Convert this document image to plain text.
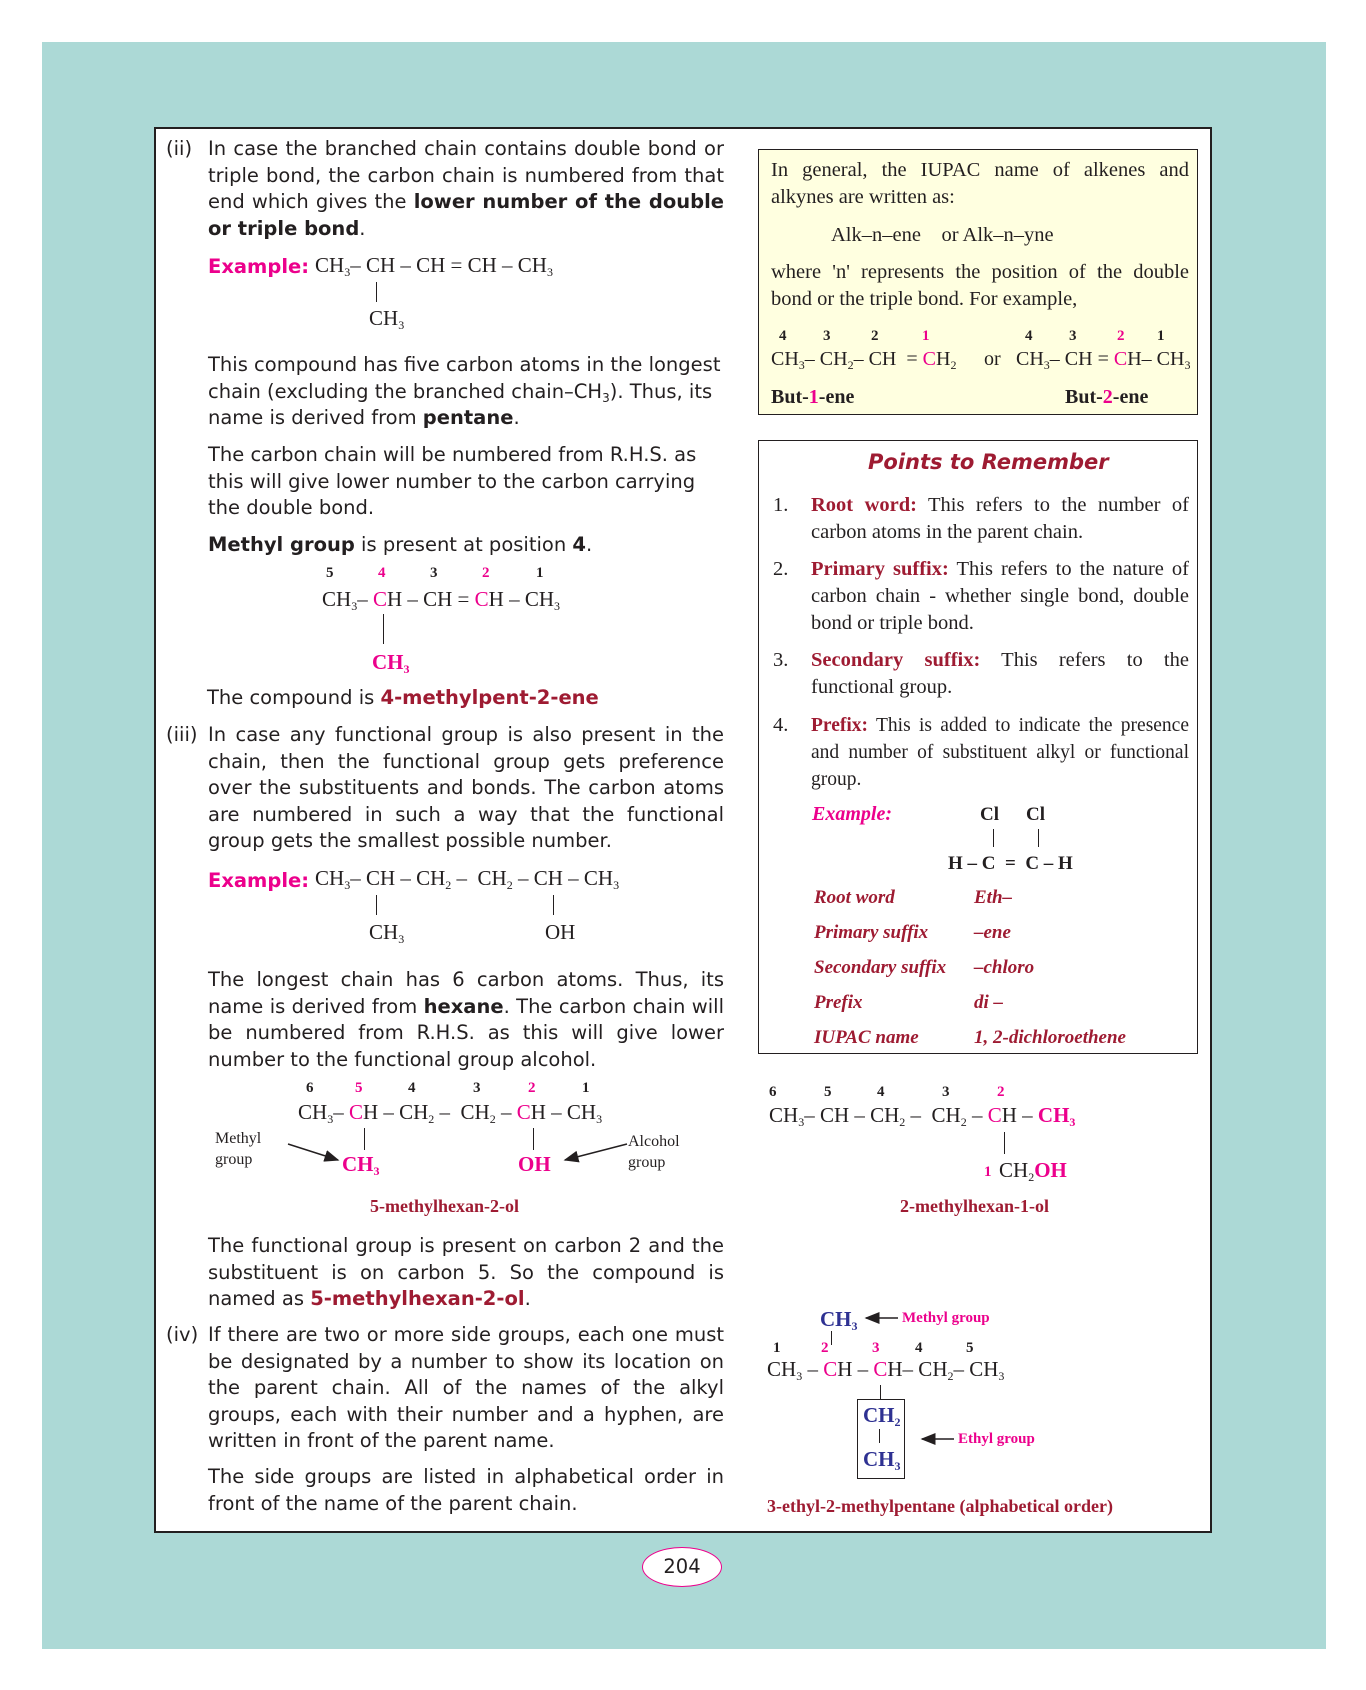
(ii) In case the branched chain contains double bond or triple bond, the carbon chain is numbered from that end which gives the lower number of the double or triple bond.
Example: $CH_3-$ CH – CH = CH – $CH_3$
$CH_3$
This compound has five carbon atoms in the longest chain (excluding the branched chain–$CH_3$). Thus, its name is derived from pentane.
The carbon chain will be numbered from R.H.S. as this will give lower number to the carbon carrying the double bond.
Methyl group is present at position 4.
5	4	3	2	1
$CH_3-$ CH – CH = CH – $CH_3$
$CH_3$
The compound is 4-methylpent-2-ene
(iii) In case any functional group is also present in the chain, then the functional group gets preference over the substituents and bonds. The carbon atoms are numbered in such a way that the functional group gets the smallest possible number.
Example: $CH_3-$ CH – $CH_2 - CH_2$ – CH – $CH_3$
$CH_3$	OH
The longest chain has 6 carbon atoms. Thus, its name is derived from hexane. The carbon chain will be numbered from R.H.S. as this will give lower number to the functional group alcohol.
6	5	4	3	2	1
$CH_3-$ CH – $CH_2 - CH_2$ – CH – $CH_3$
$CH_3$	OH
Methyl group
Alcohol group
5-methylhexan-2-ol
The functional group is present on carbon 2 and the substituent is on carbon 5. So the compound is named as 5-methylhexan-2-ol.
(iv) If there are two or more side groups, each one must be designated by a number to show its location on the parent chain. All of the names of the alkyl groups, each with their number and a hyphen, are written in front of the parent name.
The side groups are listed in alphabetical order in front of the name of the parent chain.
In general, the IUPAC name of alkenes and alkynes are written as:
Alk–n–ene    or Alk–n–yne
where 'n' represents the position of the double bond or the triple bond. For example,
4 3	2	1
$CH_3-$ $CH_2-$ CH  = $CH_2$ or
4 3	2 1
$CH_3-$ CH = CH– $CH_3$
But-1-ene	But-2-ene
Points to Remember
1. Root word: This refers to the number of carbon atoms in the parent chain.
2. Primary suffix: This refers to the nature of carbon chain - whether single bond, double bond or triple bond.
3. Secondary suffix: This refers to the functional group.
4. Prefix: This is added to indicate the presence and number of substituent alkyl or functional group.
Example:	Cl Cl
H – C  =  C – H
Root word	Eth–
Primary suffix –ene
Secondary suffix –chloro
Prefix	di –
IUPAC name	1, 2-dichloroethene
6	5	4	3	2
$CH_3-$ CH – $CH_2 - CH_2$ – CH – $CH_3$
1 $CH_2OH$
2-methylhexan-1-ol
$CH_3$	Methyl group
1	2	3 4	5
$CH_3$ – CH – CH– $CH_2-$ $CH_3$
$CH_2$
$CH_3$
Ethyl group
3-ethyl-2-methylpentane (alphabetical order)
204
